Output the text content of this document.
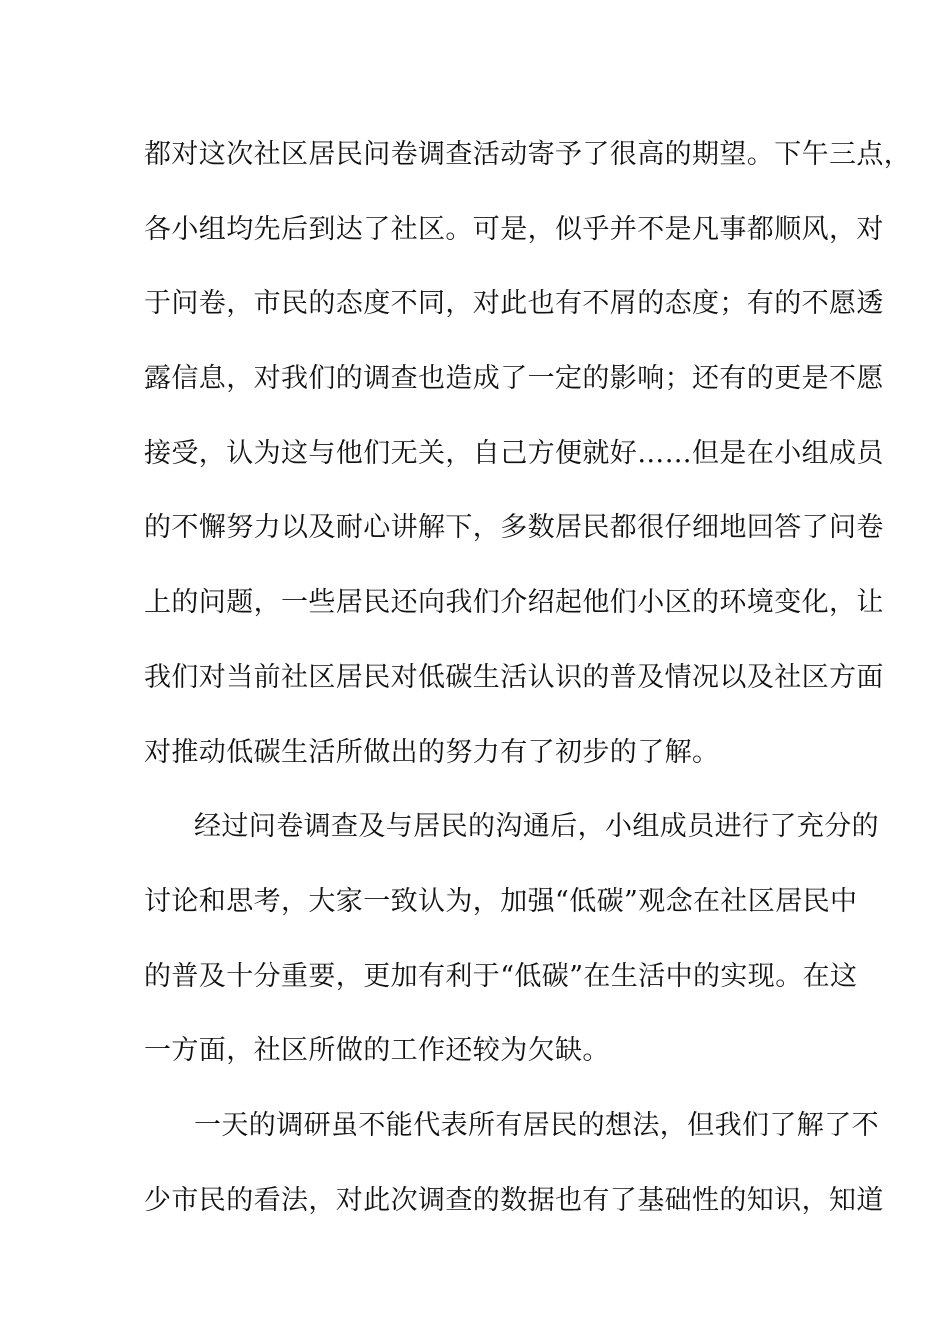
都对这次社区居民问卷调查活动寄予了很高的期望。下午三点，
各小组均先后到达了社区。可是，似乎并不是凡事都顺风，对
于问卷，市民的态度不同，对此也有不屑的态度；有的不愿透
露信息，对我们的调查也造成了一定的影响；还有的更是不愿
接受，认为这与他们无关，自己方便就好……但是在小组成员
的不懈努力以及耐心讲解下，多数居民都很仔细地回答了问卷
上的问题，一些居民还向我们介绍起他们小区的环境变化，让
我们对当前社区居民对低碳生活认识的普及情况以及社区方面
对推动低碳生活所做出的努力有了初步的了解。
经过问卷调查及与居民的沟通后，小组成员进行了充分的
讨论和思考，大家一致认为，加强“低碳”观念在社区居民中
的普及十分重要，更加有利于“低碳”在生活中的实现。在这
一方面，社区所做的工作还较为欠缺。
一天的调研虽不能代表所有居民的想法，但我们了解了不
少市民的看法，对此次调查的数据也有了基础性的知识，知道
